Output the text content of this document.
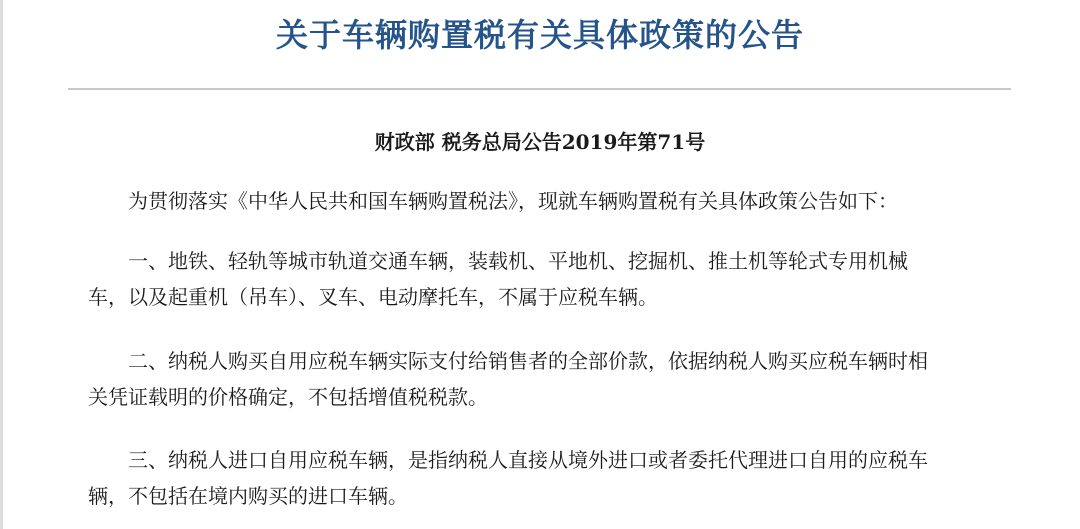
关于车辆购置税有关具体政策的公告
财政部 税务总局公告2019年第71号
为贯彻落实《中华人民共和国车辆购置税法》，现就车辆购置税有关具体政策公告如下：
一、地铁、轻轨等城市轨道交通车辆，装载机、平地机、挖掘机、推土机等轮式专用机械
车，以及起重机（吊车）、叉车、电动摩托车，不属于应税车辆。
二、纳税人购买自用应税车辆实际支付给销售者的全部价款，依据纳税人购买应税车辆时相
关凭证载明的价格确定，不包括增值税税款。
三、纳税人进口自用应税车辆，是指纳税人直接从境外进口或者委托代理进口自用的应税车
辆，不包括在境内购买的进口车辆。
